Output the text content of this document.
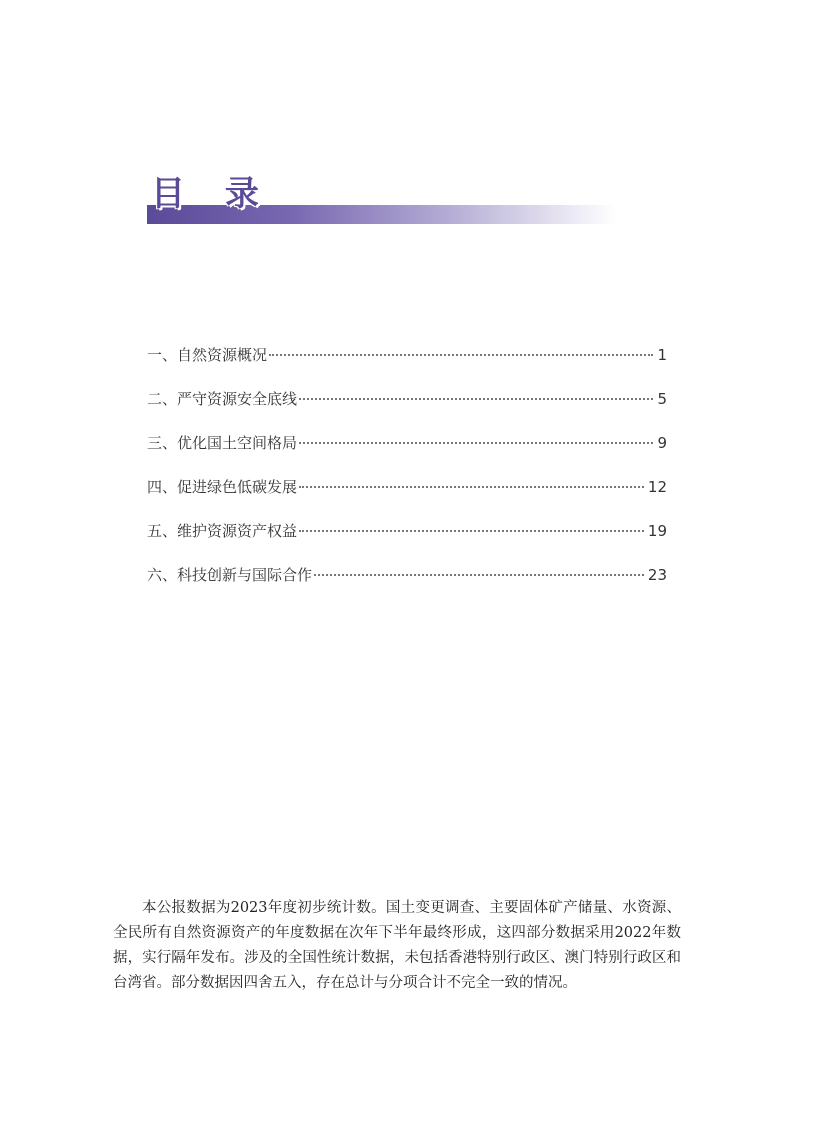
目 录
一、自然资源概况	1
二、严守资源安全底线	5
三、优化国土空间格局	9
四、促进绿色低碳发展	12
五、维护资源资产权益	19
六、科技创新与国际合作	23

本公报数据为2023年度初步统计数。国土变更调查、主要固体矿产储量、水资源、全民所有自然资源资产的年度数据在次年下半年最终形成，这四部分数据采用2022年数据，实行隔年发布。涉及的全国性统计数据，未包括香港特别行政区、澳门特别行政区和台湾省。部分数据因四舍五入，存在总计与分项合计不完全一致的情况。
